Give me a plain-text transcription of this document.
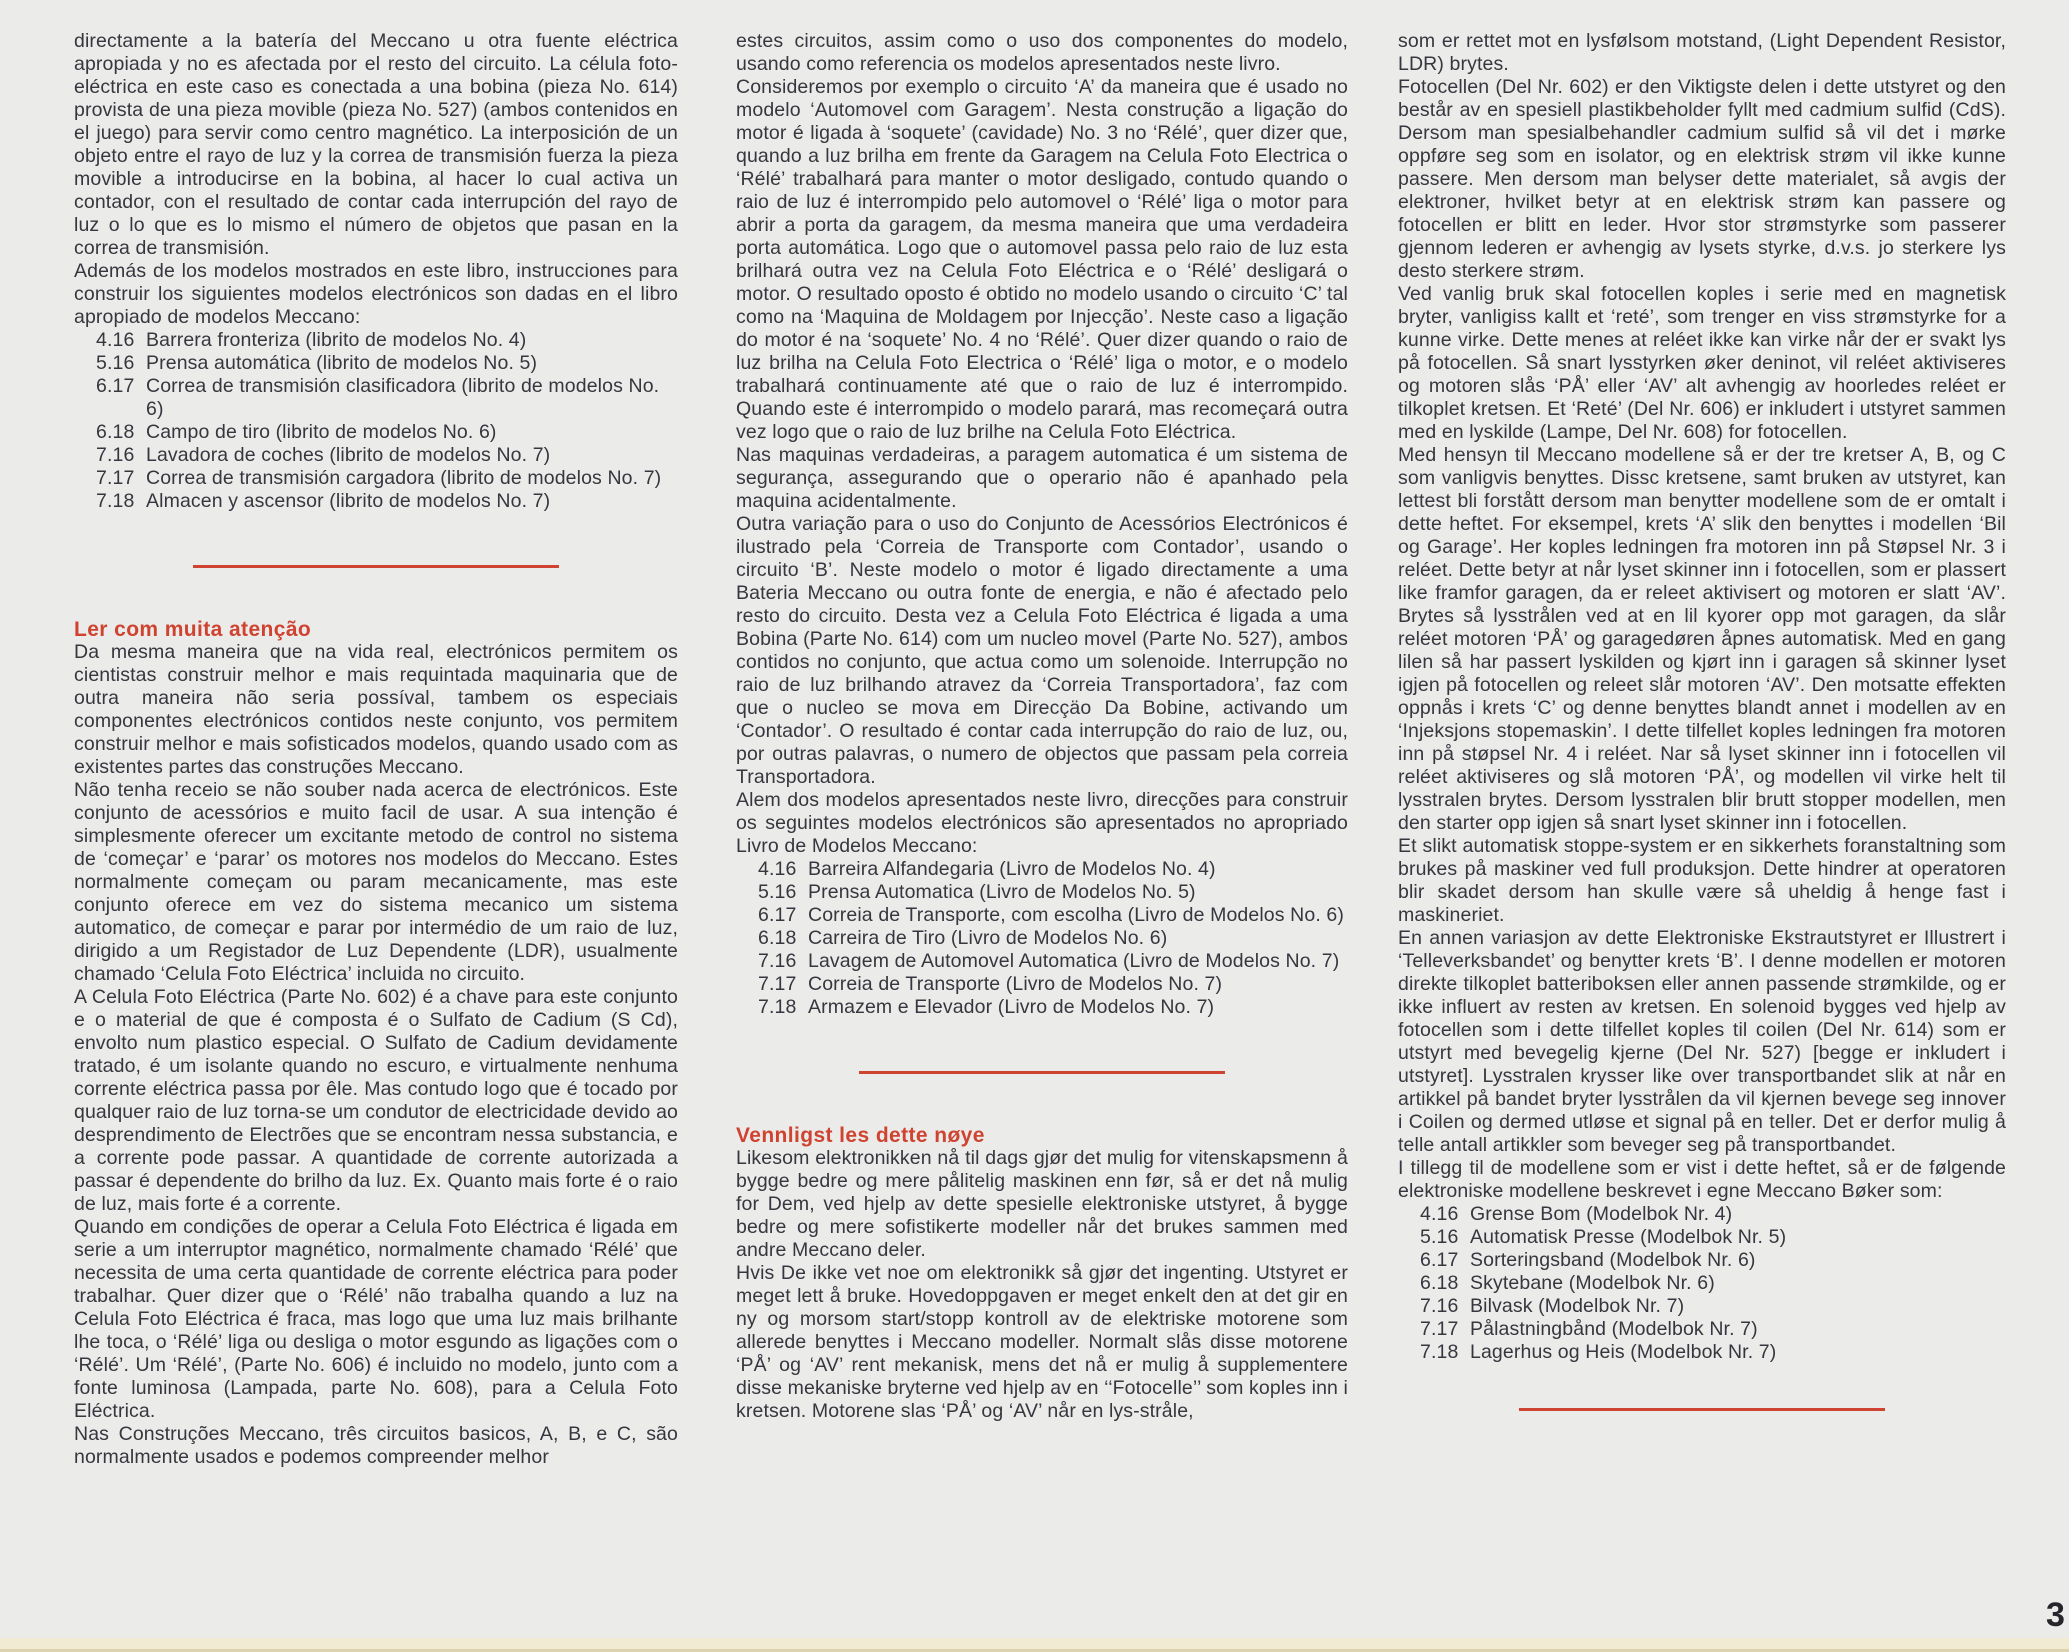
directamente a la batería del Meccano u otra fuente eléctrica apropiada y no es afectada por el resto del circuito. La célula foto-eléctrica en este caso es conectada a una bobina (pieza No. 614) provista de una pieza movible (pieza No. 527) (ambos contenidos en el juego) para servir como centro magnético. La interposición de un objeto entre el rayo de luz y la correa de transmisión fuerza la pieza movible a introducirse en la bobina, al hacer lo cual activa un contador, con el resultado de contar cada interrupción del rayo de luz o lo que es lo mismo el número de objetos que pasan en la correa de transmisión.

Además de los modelos mostrados en este libro, instrucciones para construir los siguientes modelos electrónicos son dadas en el libro apropiado de modelos Meccano:

4.16 Barrera fronteriza (librito de modelos No. 4)
5.16 Prensa automática (librito de modelos No. 5)
6.17 Correa de transmisión clasificadora (librito de modelos No. 6)
6.18 Campo de tiro (librito de modelos No. 6)
7.16 Lavadora de coches (librito de modelos No. 7)
7.17 Correa de transmisión cargadora (librito de modelos No. 7)
7.18 Almacen y ascensor (librito de modelos No. 7)
Ler com muita atenção

Da mesma maneira que na vida real, electrónicos permitem os cientistas construir melhor e mais requintada maquinaria que de outra maneira não seria possíval, tambem os especiais componentes electrónicos contidos neste conjunto, vos permitem construir melhor e mais sofisticados modelos, quando usado com as existentes partes das construções Meccano.

Não tenha receio se não souber nada acerca de electrónicos. Este conjunto de acessórios e muito facil de usar. A sua intenção é simplesmente oferecer um excitante metodo de control no sistema de ‘começar’ e ‘parar’ os motores nos modelos do Meccano. Estes normalmente começam ou param mecanicamente, mas este conjunto oferece em vez do sistema mecanico um sistema automatico, de começar e parar por intermédio de um raio de luz, dirigido a um Registador de Luz Dependente (LDR), usualmente chamado ‘Celula Foto Eléctrica’ incluida no circuito.

A Celula Foto Eléctrica (Parte No. 602) é a chave para este conjunto e o material de que é composta é o Sulfato de Cadium (S Cd), envolto num plastico especial. O Sulfato de Cadium devidamente tratado, é um isolante quando no escuro, e virtualmente nenhuma corrente eléctrica passa por êle. Mas contudo logo que é tocado por qualquer raio de luz torna-se um condutor de electricidade devido ao desprendimento de Electrões que se encontram nessa substancia, e a corrente pode passar. A quantidade de corrente autorizada a passar é dependente do brilho da luz. Ex. Quanto mais forte é o raio de luz, mais forte é a corrente.

Quando em condições de operar a Celula Foto Eléctrica é ligada em serie a um interruptor magnético, normalmente chamado ‘Rélé’ que necessita de uma certa quantidade de corrente eléctrica para poder trabalhar. Quer dizer que o ‘Rélé’ não trabalha quando a luz na Celula Foto Eléctrica é fraca, mas logo que uma luz mais brilhante lhe toca, o ‘Rélé’ liga ou desliga o motor esgundo as ligações com o ‘Rélé’. Um ‘Rélé’, (Parte No. 606) é incluido no modelo, junto com a fonte luminosa (Lampada, parte No. 608), para a Celula Foto Eléctrica.

Nas Construções Meccano, três circuitos basicos, A, B, e C, são normalmente usados e podemos compreender melhor

estes circuitos, assim como o uso dos componentes do modelo, usando como referencia os modelos apresentados neste livro.

Consideremos por exemplo o circuito ‘A’ da maneira que é usado no modelo ‘Automovel com Garagem’. Nesta construção a ligação do motor é ligada à ‘soquete’ (cavidade) No. 3 no ‘Rélé’, quer dizer que, quando a luz brilha em frente da Garagem na Celula Foto Electrica o ‘Rélé’ trabalhará para manter o motor desligado, contudo quando o raio de luz é interrompido pelo automovel o ‘Rélé’ liga o motor para abrir a porta da garagem, da mesma maneira que uma verdadeira porta automática. Logo que o automovel passa pelo raio de luz esta brilhará outra vez na Celula Foto Eléctrica e o ‘Rélé’ desligará o motor. O resultado oposto é obtido no modelo usando o circuito ‘C’ tal como na ‘Maquina de Moldagem por Injecção’. Neste caso a ligação do motor é na ‘soquete’ No. 4 no ‘Rélé’. Quer dizer quando o raio de luz brilha na Celula Foto Electrica o ‘Rélé’ liga o motor, e o modelo trabalhará continuamente até que o raio de luz é interrompido. Quando este é interrompido o modelo parará, mas recomeçará outra vez logo que o raio de luz brilhe na Celula Foto Eléctrica.

Nas maquinas verdadeiras, a paragem automatica é um sistema de segurança, assegurando que o operario não é apanhado pela maquina acidentalmente.

Outra variação para o uso do Conjunto de Acessórios Electrónicos é ilustrado pela ‘Correia de Transporte com Contador’, usando o circuito ‘B’. Neste modelo o motor é ligado directamente a uma Bateria Meccano ou outra fonte de energia, e não é afectado pelo resto do circuito. Desta vez a Celula Foto Eléctrica é ligada a uma Bobina (Parte No. 614) com um nucleo movel (Parte No. 527), ambos contidos no conjunto, que actua como um solenoide. Interrupção no raio de luz brilhando atravez da ‘Correia Transportadora’, faz com que o nucleo se mova em Direcçäo Da Bobine, activando um ‘Contador’. O resultado é contar cada interrupção do raio de luz, ou, por outras palavras, o numero de objectos que passam pela correia Transportadora.

Alem dos modelos apresentados neste livro, direcções para construir os seguintes modelos electrónicos são apresentados no apropriado Livro de Modelos Meccano:

4.16 Barreira Alfandegaria (Livro de Modelos No. 4)
5.16 Prensa Automatica (Livro de Modelos No. 5)
6.17 Correia de Transporte, com escolha (Livro de Modelos No. 6)
6.18 Carreira de Tiro (Livro de Modelos No. 6)
7.16 Lavagem de Automovel Automatica (Livro de Modelos No. 7)
7.17 Correia de Transporte (Livro de Modelos No. 7)
7.18 Armazem e Elevador (Livro de Modelos No. 7)
Vennligst les dette nøye

Likesom elektronikken nå til dags gjør det mulig for vitenskapsmenn å bygge bedre og mere pålitelig maskinen enn før, så er det nå mulig for Dem, ved hjelp av dette spesielle elektroniske utstyret, å bygge bedre og mere sofistikerte modeller når det brukes sammen med andre Meccano deler.

Hvis De ikke vet noe om elektronikk så gjør det ingenting. Utstyret er meget lett å bruke. Hovedoppgaven er meget enkelt den at det gir en ny og morsom start/stopp kontroll av de elektriske motorene som allerede benyttes i Meccano modeller. Normalt slås disse motorene ‘PÅ’ og ‘AV’ rent mekanisk, mens det nå er mulig å supplementere disse mekaniske bryterne ved hjelp av en ‘‘Fotocelle’’ som koples inn i kretsen. Motorene slas ‘PÅ’ og ‘AV’ når en lys-stråle,

som er rettet mot en lysfølsom motstand, (Light Dependent Resistor, LDR) brytes.

Fotocellen (Del Nr. 602) er den Viktigste delen i dette utstyret og den består av en spesiell plastikbeholder fyllt med cadmium sulfid (CdS). Dersom man spesialbehandler cadmium sulfid så vil det i mørke oppføre seg som en isolator, og en elektrisk strøm vil ikke kunne passere. Men dersom man belyser dette materialet, så avgis der elektroner, hvilket betyr at en elektrisk strøm kan passere og fotocellen er blitt en leder. Hvor stor strømstyrke som passerer gjennom lederen er avhengig av lysets styrke, d.v.s. jo sterkere lys desto sterkere strøm.

Ved vanlig bruk skal fotocellen koples i serie med en magnetisk bryter, vanligiss kallt et ‘reté’, som trenger en viss strømstyrke for a kunne virke. Dette menes at reléet ikke kan virke når der er svakt lys på fotocellen. Så snart lysstyrken øker deninot, vil reléet aktiviseres og motoren slås ‘PÅ’ eller ‘AV’ alt avhengig av hoorledes reléet er tilkoplet kretsen. Et ‘Reté’ (Del Nr. 606) er inkludert i utstyret sammen med en lyskilde (Lampe, Del Nr. 608) for fotocellen.

Med hensyn til Meccano modellene så er der tre kretser A, B, og C som vanligvis benyttes. Dissc kretsene, samt bruken av utstyret, kan lettest bli forstått dersom man benytter modellene som de er omtalt i dette heftet. For eksempel, krets ‘A’ slik den benyttes i modellen ‘Bil og Garage’. Her koples ledningen fra motoren inn på Støpsel Nr. 3 i reléet. Dette betyr at når lyset skinner inn i fotocellen, som er plassert like framfor garagen, da er releet aktivisert og motoren er slatt ‘AV’. Brytes så lysstrålen ved at en lil kyorer opp mot garagen, da slår reléet motoren ‘PÅ’ og garagedøren åpnes automatisk. Med en gang lilen så har passert lyskilden og kjørt inn i garagen så skinner lyset igjen på fotocellen og releet slår motoren ‘AV’. Den motsatte effekten oppnås i krets ‘C’ og denne benyttes blandt annet i modellen av en ‘Injeksjons stopemaskin’. I dette tilfellet koples ledningen fra motoren inn på støpsel Nr. 4 i reléet. Nar så lyset skinner inn i fotocellen vil reléet aktiviseres og slå motoren ‘PÅ’, og modellen vil virke helt til lysstralen brytes. Dersom lysstralen blir brutt stopper modellen, men den starter opp igjen så snart lyset skinner inn i fotocellen.

Et slikt automatisk stoppe-system er en sikkerhets foranstaltning som brukes på maskiner ved full produksjon. Dette hindrer at operatoren blir skadet dersom han skulle være så uheldig å henge fast i maskineriet.

En annen variasjon av dette Elektroniske Ekstrautstyret er Illustrert i ‘Telleverksbandet’ og benytter krets ‘B’. I denne modellen er motoren direkte tilkoplet batteriboksen eller annen passende strømkilde, og er ikke influert av resten av kretsen. En solenoid bygges ved hjelp av fotocellen som i dette tilfellet koples til coilen (Del Nr. 614) som er utstyrt med bevegelig kjerne (Del Nr. 527) [begge er inkludert i utstyret]. Lysstralen krysser like over transportbandet slik at når en artikkel på bandet bryter lysstrålen da vil kjernen bevege seg innover i Coilen og dermed utløse et signal på en teller. Det er derfor mulig å telle antall artikkler som beveger seg på transportbandet.

I tillegg til de modellene som er vist i dette heftet, så er de følgende elektroniske modellene beskrevet i egne Meccano Bøker som:

4.16 Grense Bom (Modelbok Nr. 4)
5.16 Automatisk Presse (Modelbok Nr. 5)
6.17 Sorteringsband (Modelbok Nr. 6)
6.18 Skytebane (Modelbok Nr. 6)
7.16 Bilvask (Modelbok Nr. 7)
7.17 Pålastningbånd (Modelbok Nr. 7)
7.18 Lagerhus og Heis (Modelbok Nr. 7)
3
